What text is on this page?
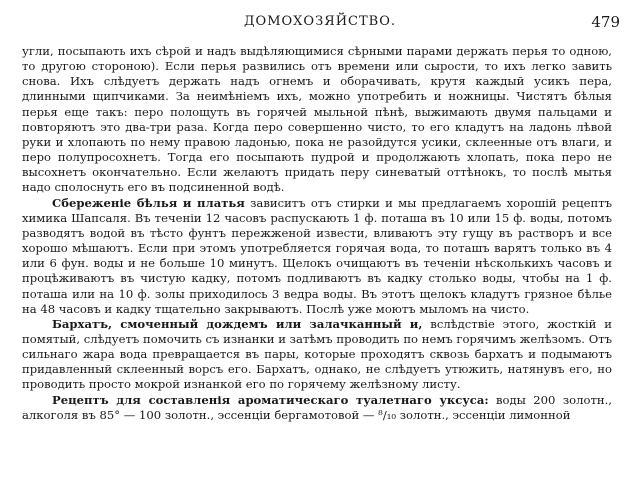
ДОМОХОЗЯЙСТВО.	479

угли, посыпають ихъ сѣрой и надъ выдѣляющимися сѣрными парами держать перья то одною, то другою стороною). Если перья развились отъ времени или сырости, то ихъ легко завить снова. Ихъ слѣдуетъ держать надъ огнемъ и оборачивать, крутя каждый усикъ пера, длинными щипчиками. За неимѣніемъ ихъ, можно употребить и ножницы. Чистятъ бѣлыя перья еще такъ: перо полощуть въ горячей мыльной пѣнѣ, выжимають двумя пальцами и повторяютъ это два-три раза. Когда перо совершенно чисто, то его кладутъ на ладонь лѣвой руки и хлопають по нему правою ладонью, пока не разойдутся усики, склеенные отъ влаги, и перо полупросохнетъ. Тогда его посыпають пудрой и продолжають хлопать, пока перо не высохнетъ окончательно. Если желаютъ придать перу синеватый оттѣнокъ, то послѣ мытья надо сполоснуть его въ подсиненной водѣ.

Сбереженіе бѣлья и платья зависитъ отъ стирки и мы предлагаемъ хорошій рецептъ химика Шапсаля. Въ теченіи 12 часовъ распускають 1 ф. поташа въ 10 или 15 ф. воды, потомъ разводятъ водой въ тѣсто фунтъ пережженой извести, вливаютъ эту гущу въ растворъ и все хорошо мѣшаютъ. Если при этомъ употребляется горячая вода, то поташъ варятъ только въ 4 или 6 фун. воды и не больше 10 минутъ. Щелокъ очищаютъ въ теченіи нѣсколькихъ часовъ и процѣживаютъ въ чистую кадку, потомъ подливаютъ въ кадку столько воды, чтобы на 1 ф. поташа или на 10 ф. золы приходилось 3 ведра воды. Въ этотъ щелокъ кладутъ грязное бѣлье на 48 часовъ и кадку тщательно закрываютъ. Послѣ уже моютъ мыломъ на чисто.

Бархатъ, смоченный дождемъ или залачканный и, вслѣдствіе этого, жосткій и помятый, слѣдуетъ помочить съ изнанки и затѣмъ проводить по немъ горячимъ желѣзомъ. Отъ сильнаго жара вода превращается въ пары, которые проходятъ сквозь бархатъ и подымаютъ придавленный склеенный ворсъ его. Бархатъ, однако, не слѣдуетъ утюжить, натянувъ его, но проводить просто мокрой изнанкой его по горячему желѣзному листу.

Рецептъ для составленія ароматическаго туалетнаго уксуса: воды 200 золотн., алкоголя въ 85° — 100 золотн., эссенціи бергамотовой — ⁸/₁₀ золотн., эссенціи лимонной
